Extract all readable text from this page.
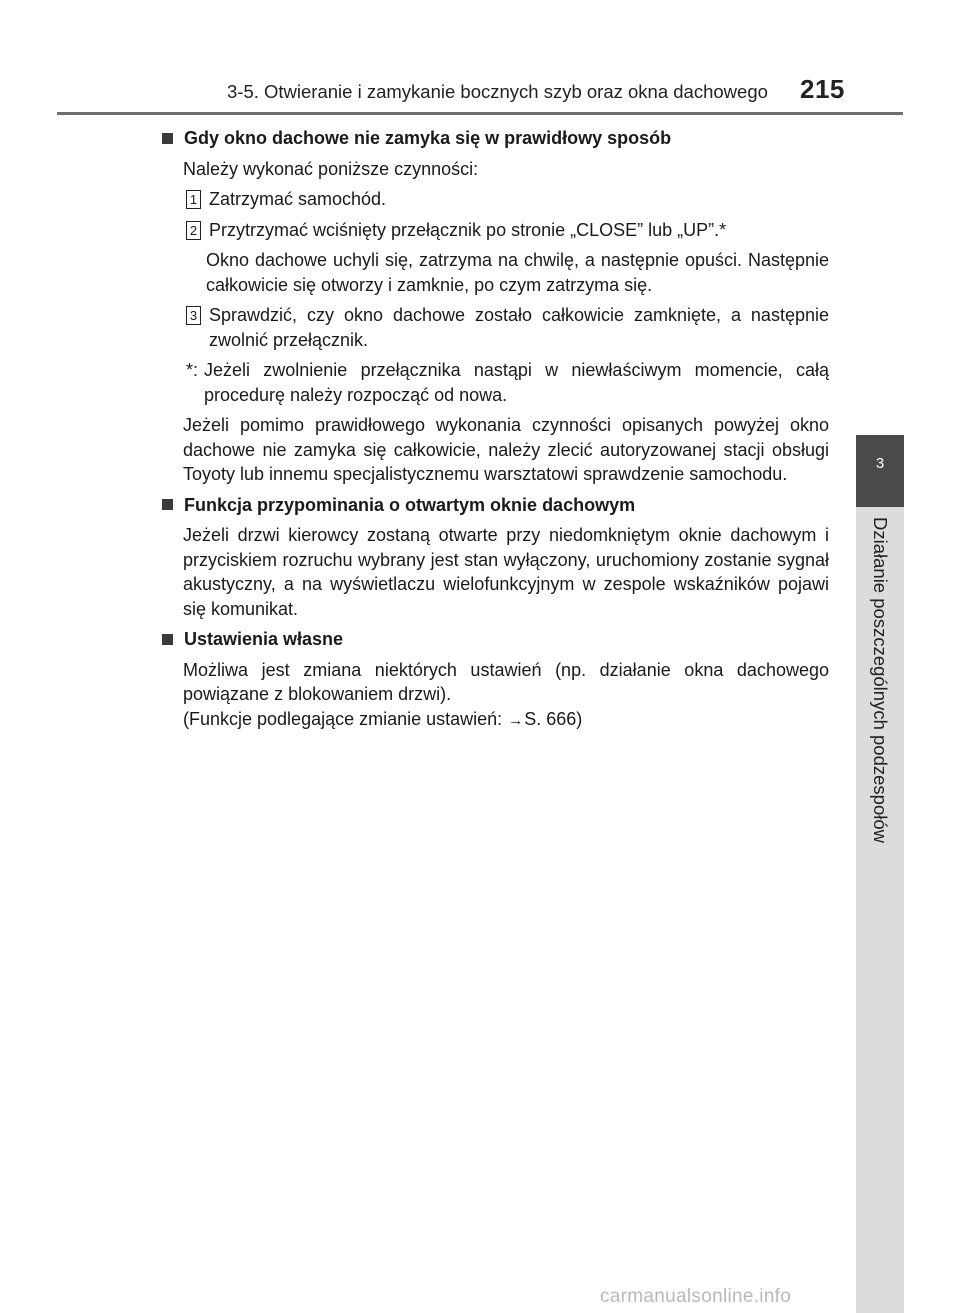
3-5. Otwieranie i zamykanie bocznych szyb oraz okna dachowego 215
3
Działanie poszczególnych podzespołów
Gdy okno dachowe nie zamyka się w prawidłowy sposób
Należy wykonać poniższe czynności:
1 Zatrzymać samochód.
2 Przytrzymać wciśnięty przełącznik po stronie „CLOSE” lub „UP”.*
Okno dachowe uchyli się, zatrzyma na chwilę, a następnie opuści. Następnie całkowicie się otworzy i zamknie, po czym zatrzyma się.
3 Sprawdzić, czy okno dachowe zostało całkowicie zamknięte, a następnie zwolnić przełącznik.
*: Jeżeli zwolnienie przełącznika nastąpi w niewłaściwym momencie, całą procedurę należy rozpocząć od nowa.
Jeżeli pomimo prawidłowego wykonania czynności opisanych powyżej okno dachowe nie zamyka się całkowicie, należy zlecić autoryzowanej stacji obsługi Toyoty lub innemu specjalistycznemu warsztatowi sprawdzenie samochodu.
Funkcja przypominania o otwartym oknie dachowym
Jeżeli drzwi kierowcy zostaną otwarte przy niedomkniętym oknie dachowym i przyciskiem rozruchu wybrany jest stan wyłączony, uruchomiony zostanie sygnał akustyczny, a na wyświetlaczu wielofunkcyjnym w zespole wskaźników pojawi się komunikat.
Ustawienia własne
Możliwa jest zmiana niektórych ustawień (np. działanie okna dachowego powiązane z blokowaniem drzwi).
(Funkcje podlegające zmianie ustawień: →S. 666)
carmanualsonline.info
